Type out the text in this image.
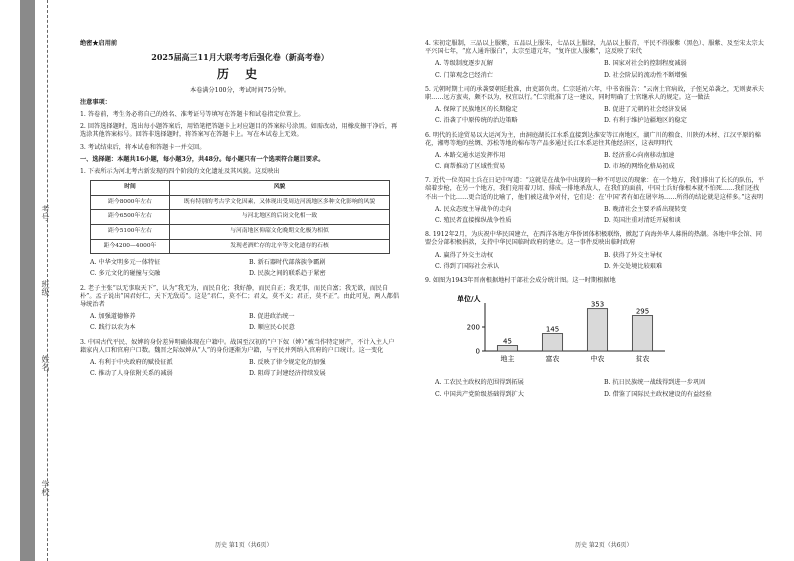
学校：
姓名：
班级：
考号：

绝密★启用前

2025届高三11月大联考考后强化卷（新高考卷）

历 史

本卷满分100分，考试时间75分钟。

注意事项：

1. 答卷前，考生务必将自己的姓名、准考证号等填写在答题卡和试卷指定位置上。

2. 回答选择题时，选出每小题答案后，用铅笔把答题卡上对应题目的答案标号涂黑。如需改动，用橡皮擦干净后，再选涂其他答案标号。回答非选择题时，将答案写在答题卡上。写在本试卷上无效。

3. 考试结束后，将本试卷和答题卡一并交回。

一、选择题：本题共16小题，每小题3分，共48分。每小题只有一个选项符合题目要求。

1. 下表所示为河北考古新发现的四个阶段的文化遗址及其风貌。这反映出

时间	风貌
距今8000年左右	既有特别的考古学文化因素，又体现出受周边河流地区多种文化影响的风貌
距今6500年左右	与河北地区的后岗文化相一致
距今5100年左右	与河南地区仰韶文化晚期文化极为相似
距今4200—4000年	发现老酒贮存的北辛等文化遗存的石核
A. 中华文明多元一体特征	B. 新石器时代部落族争霸剧
C. 多元文化的碰撞与交融	D. 民族之间的联系趋于紧密

2. 老子主张“以无事取天下”，认为“我无为，而民自化；我好静，而民自正；我无事，而民自富；我无欲，而民自朴”。孟子说出“国君好仁，天下无敌焉”。这是“君仁，莫不仁；君义，莫不义；君正，莫不正”。由此可见，两人都倡导统治者

A. 加强道德修养	B. 促进政治统一
C. 践行以农为本	D. 顺应民心民意

3. 中国古代平民、奴婢的身份差异明确体现在户籍中。战国至汉初的“户下奴（婢）”被当作特定财产，不计入主人户籍家内人口和官府户口数。魏晋之际奴婢从“人”的身份逐渐为户籍，与平民并列纳入官府的户口统计。这一变化

A. 有利于中央政府的赋役征派	B. 反映了律令规定化的加强
C. 推动了人身依附关系的减弱	D. 阻碍了封建经济持续发展
历史 第1页（共6页）

4. 宋初定服制，三品以上服紫，五品以上服朱，七品以上服绿，九品以上服青，平民不得服紫（黑色）、服紫、及至宋太宗太平兴国七年，“庶人通许服白”，太宗至道元年，“复许庶人服紫”，这反映了宋代

A. 等级制度逐步瓦解	B. 国家对社会的控制程度减弱
C. 门第观念已经消亡	D. 社会阶层的流动性不断增强

5. 元朝时期土司的承袭要朝廷批准，由吏部负责。仁宗延祐六年，中书省报告：“云南土官病故，子侄兄弟袭之，无则妻承夫职……远方蛮夷，颇不以为，权宜以行。”仁宗批准了这一建议，同时明确了土官继承人的规定。这一做法

A. 保障了民族地区的长期稳定	B. 促进了元朝的社会经济发展
C. 沿袭了中原传统的治边策略	D. 有利于维护边疆地区的稳定

6. 明代的长途贸易以大运河为主，由洞庭湖长江水系直接到达淮安等江南地区，湖广川的粮食、川陕的木材、江汉平原的棉花，湘粤等地的丝绸、苏松等地的棉布等产品多通过长江水系运往其他经济区，这表明明代

A. 本路交通水运发挥作用	B. 经济重心向南移动加速
C. 商帮推动了区域性贸易	D. 市场的网络化格局初成

7. 近代一位英国士兵在日记中写道：“这就是在战争中出现的一种不可思议的现象：在一个地方，我们排出了长长的队伍，平端着步枪，在另一个地方，我们竟用着刀切、排成一排地杀敌人，在我们的面前，中国士兵好像根本就不怕死……我们还找不出一个比……更合适的比喻了，他们被这战争对付，它们是：在‘中国’者有如在屠宰场……所得的结论就是这样多。”这表明

A. 民众态度主导战争的走向	B. 晚清社会主要矛盾出现转变
C. 殖民者直接操纵战争性质	D. 英国注重对清廷开展和谈

8. 1912年2月，为庆祝中华民国建立，在西洋各地方华侨团体积极联络，掀起了向海外华人募捐的热潮。各地中华会馆、同盟会分部积极捐款，支持中华民国临时政府的建立。这一事件反映出临时政府

A. 赢得了外交主动权	B. 获得了外交主导权
C. 得到了国际社会承认	D. 外交处境比较艰难

9. 如图为1943年晋南根据地村干部社会成分统计图。这一时期根据地

单位/人
0
200
45
地主
145
富农
353
中农
295
贫农
A. 工农民主政权的范围得到拓展	B. 抗日民族统一战线得到进一步巩固
C. 中国共产党阶级基础得到扩大	D. 借鉴了国际民主政权建设的有益经验
历史 第2页（共6页）
